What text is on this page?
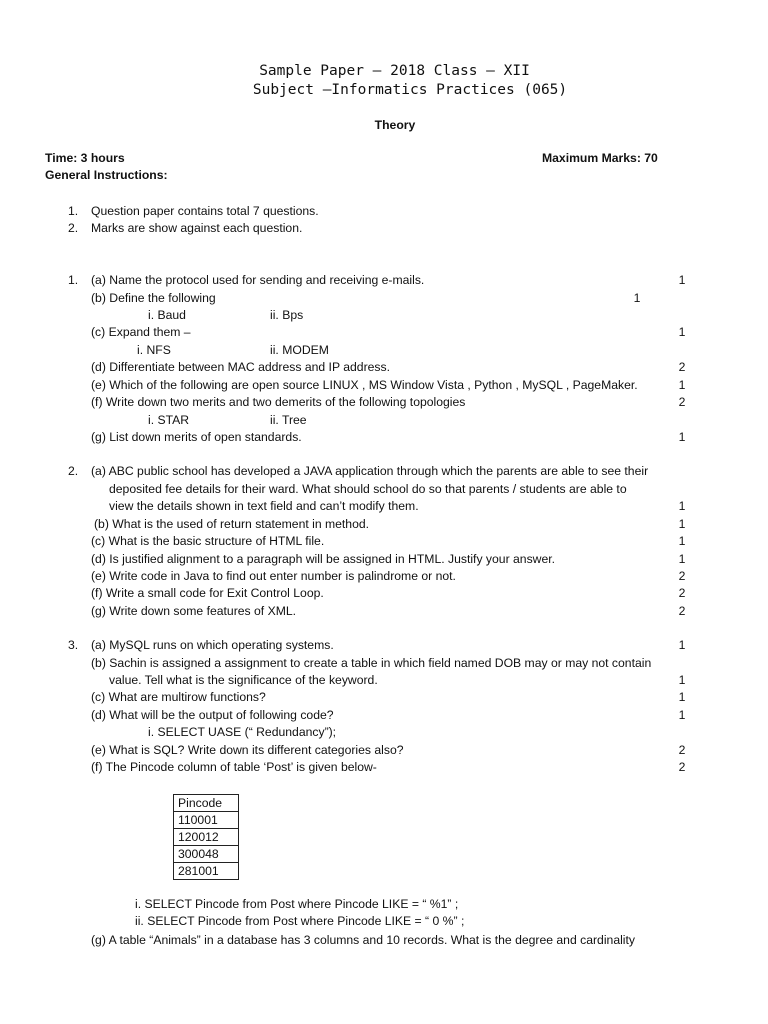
Sample Paper – 2018 Class – XII
Subject –Informatics Practices (065)
Theory
Time: 3 hours	Maximum Marks: 70
General Instructions:
1. Question paper contains total 7 questions.
2. Marks are show against each question.
1. (a) Name the protocol used for sending and receiving e-mails.	1
(b) Define the following	1
i. Baud	ii. Bps
(c) Expand them –	1
i. NFS	ii. MODEM
(d) Differentiate between MAC address and IP address.	2
(e) Which of the following are open source LINUX , MS Window Vista , Python , MySQL , PageMaker.	1
(f) Write down two merits and two demerits of the following topologies	2
i. STAR	ii. Tree
(g) List down merits of open standards.	1
2. (a) ABC public school has developed a JAVA application through which the parents are able to see their
deposited fee details for their ward. What should school do so that parents / students are able to
view the details shown in text field and can’t modify them.	1
(b) What is the used of return statement in method.	1
(c) What is the basic structure of HTML file.	1
(d) Is justified alignment to a paragraph will be assigned in HTML. Justify your answer.	1
(e) Write code in Java to find out enter number is palindrome or not.	2
(f) Write a small code for Exit Control Loop.	2
(g) Write down some features of XML.	2
3. (a) MySQL runs on which operating systems.	1
(b) Sachin is assigned a assignment to create a table in which field named DOB may or may not contain
value. Tell what is the significance of the keyword.	1
(c) What are multirow functions?	1
(d) What will be the output of following code?	1
i. SELECT UASE (“ Redundancy”);
(e) What is SQL? Write down its different categories also?	2
(f) The Pincode column of table ‘Post’ is given below-	2
Pincode
110001
120012
300048
281001
i. SELECT Pincode from Post where Pincode LIKE = “ %1” ;
ii. SELECT Pincode from Post where Pincode LIKE = “ 0 %” ;
(g) A table “Animals” in a database has 3 columns and 10 records. What is the degree and cardinality
